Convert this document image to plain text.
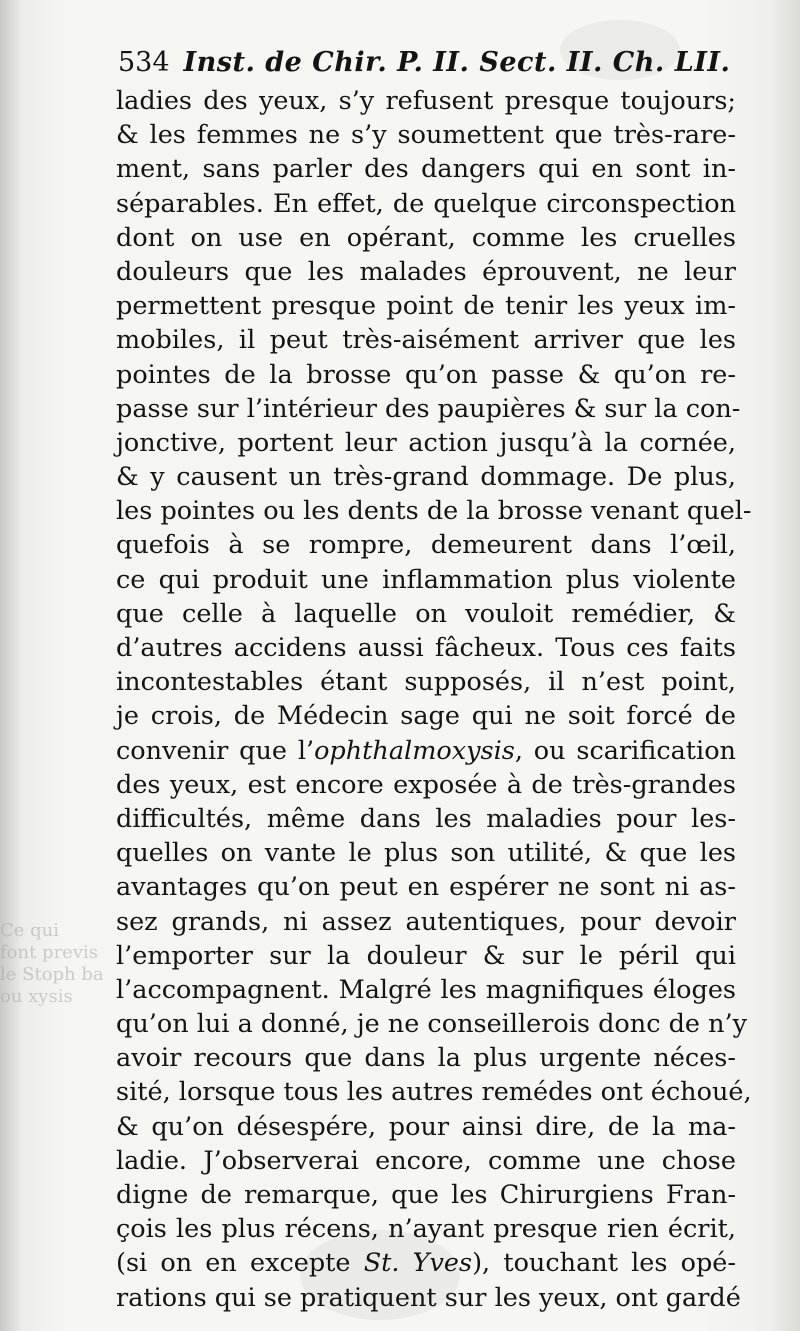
Ce qui
font previs
le Stoph ba
ou xysis
534 Inst. de Chir. P. II. Sect. II. Ch. LII.
ladies des yeux, s’y refusent presque toujours;
& les femmes ne s’y soumettent que très-rare-
ment, sans parler des dangers qui en sont in-
séparables. En effet, de quelque circonspection
dont on use en opérant, comme les cruelles
douleurs que les malades éprouvent, ne leur
permettent presque point de tenir les yeux im-
mobiles, il peut très-aisément arriver que les
pointes de la brosse qu’on passe & qu’on re-
passe sur l’intérieur des paupières & sur la con-
jonctive, portent leur action jusqu’à la cornée,
& y causent un très-grand dommage. De plus,
les pointes ou les dents de la brosse venant quel-
quefois à se rompre, demeurent dans l’œil,
ce qui produit une inflammation plus violente
que celle à laquelle on vouloit remédier, &
d’autres accidens aussi fâcheux. Tous ces faits
incontestables étant supposés, il n’est point,
je crois, de Médecin sage qui ne soit forcé de
convenir que l’ophthalmoxysis, ou scarification
des yeux, est encore exposée à de très-grandes
difficultés, même dans les maladies pour les-
quelles on vante le plus son utilité, & que les
avantages qu’on peut en espérer ne sont ni as-
sez grands, ni assez autentiques, pour devoir
l’emporter sur la douleur & sur le péril qui
l’accompagnent. Malgré les magnifiques éloges
qu’on lui a donné, je ne conseillerois donc de n’y
avoir recours que dans la plus urgente néces-
sité, lorsque tous les autres remédes ont échoué,
& qu’on désespére, pour ainsi dire, de la ma-
ladie. J’observerai encore, comme une chose
digne de remarque, que les Chirurgiens Fran-
çois les plus récens, n’ayant presque rien écrit,
(si on en excepte St. Yves), touchant les opé-
rations qui se pratiquent sur les yeux, ont gardé
